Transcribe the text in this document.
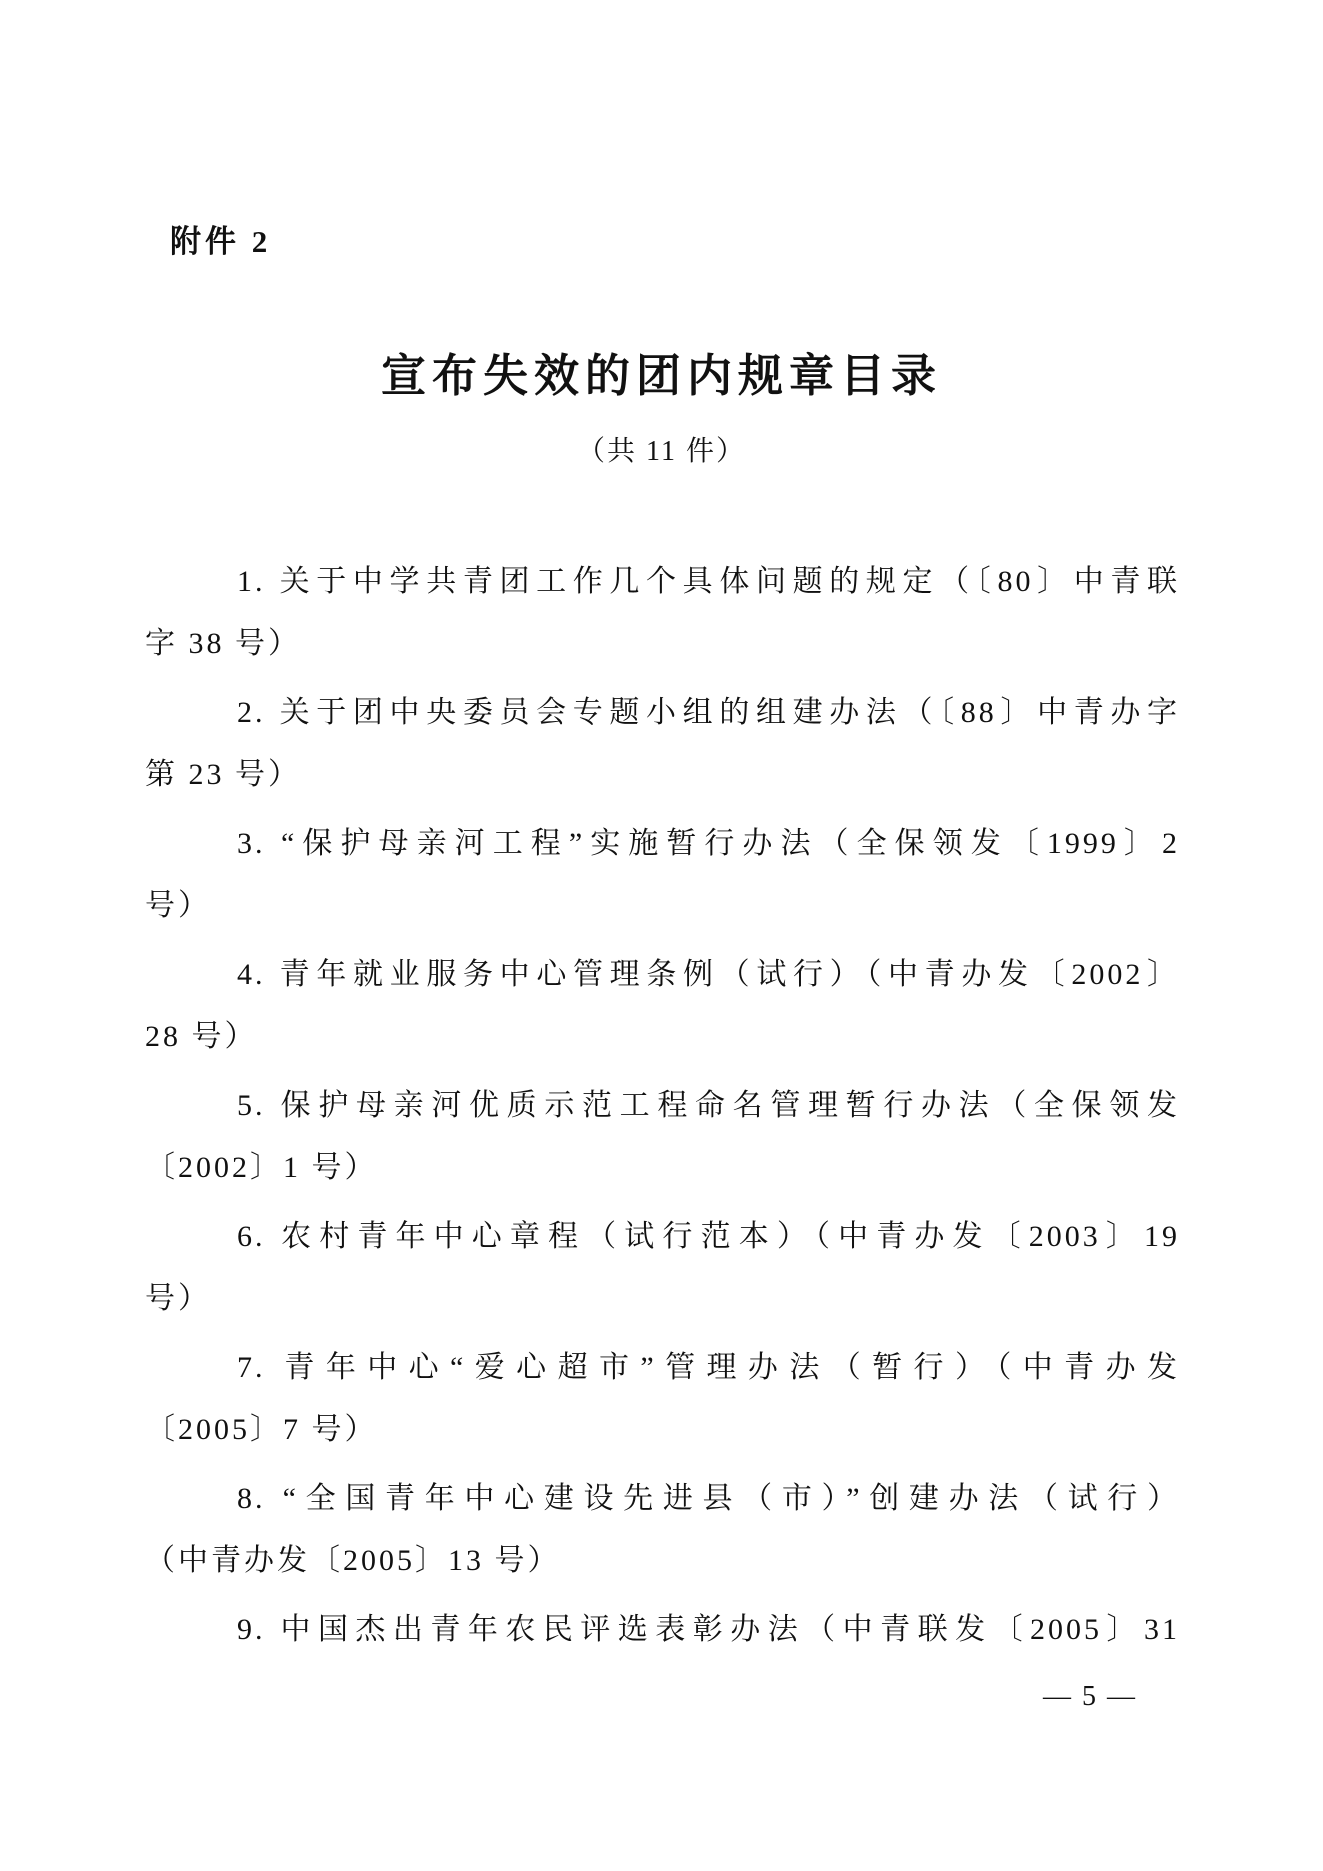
附件 2
宣布失效的团内规章目录
（共 11 件）
1. 关于中学共青团工作几个具体问题的规定（〔80〕中青联
字 38 号）
2. 关于团中央委员会专题小组的组建办法（〔88〕中青办字
第 23 号）
3. “保护母亲河工程”实施暂行办法（全保领发〔1999〕2
号）
4. 青年就业服务中心管理条例（试行）（中青办发〔2002〕
28 号）
5. 保护母亲河优质示范工程命名管理暂行办法（全保领发
〔2002〕1 号）
6. 农村青年中心章程（试行范本）（中青办发〔2003〕19
号）
7. 青年中心“爱心超市”管理办法（暂行）（中青办发
〔2005〕7 号）
8. “全国青年中心建设先进县（市）”创建办法（试行）
（中青办发〔2005〕13 号）
9. 中国杰出青年农民评选表彰办法（中青联发〔2005〕31
— 5 —
